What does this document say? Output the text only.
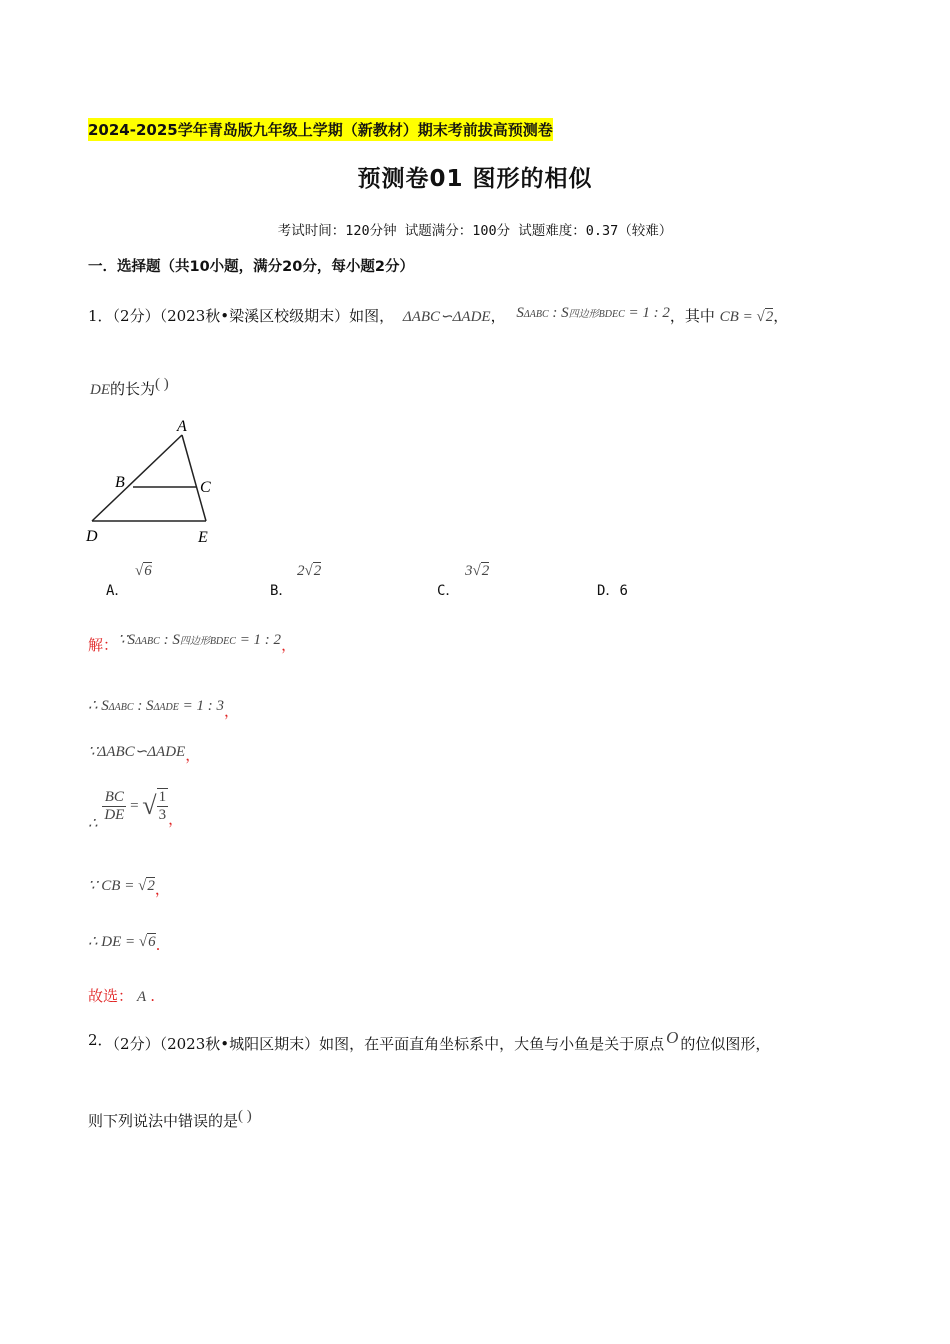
2024-2025学年青岛版九年级上学期（新教材）期末考前拔高预测卷
预测卷01 图形的相似
考试时间：120分钟 试题满分：100分 试题难度：0.37（较难）
一．选择题（共10小题，满分20分，每小题2分）
1．（2分）（2023秋•梁溪区校级期末）如图， ΔABC∽ΔADE， SΔABC : S四边形BDEC = 1 : 2，其中 CB = √2，
DE的长为( )
A
B	C
D	E
A．
√6
B．
2√2
C．
3√2
D．6
解：∵SΔABC : S四边形BDEC = 1 : 2，
∴ SΔABC : SΔADE = 1 : 3，
∵ΔABC∽ΔADE，
∴
$\frac{BC}{DE}$ = √ $\frac{1}{3}$ ，
∵ CB = √2，
∴ DE = √6.
故选： A .
2．（2分）（2023秋•城阳区期末）如图，在平面直角坐标系中，大鱼与小鱼是关于原点 O 的位似图形，
则下列说法中错误的是( )
